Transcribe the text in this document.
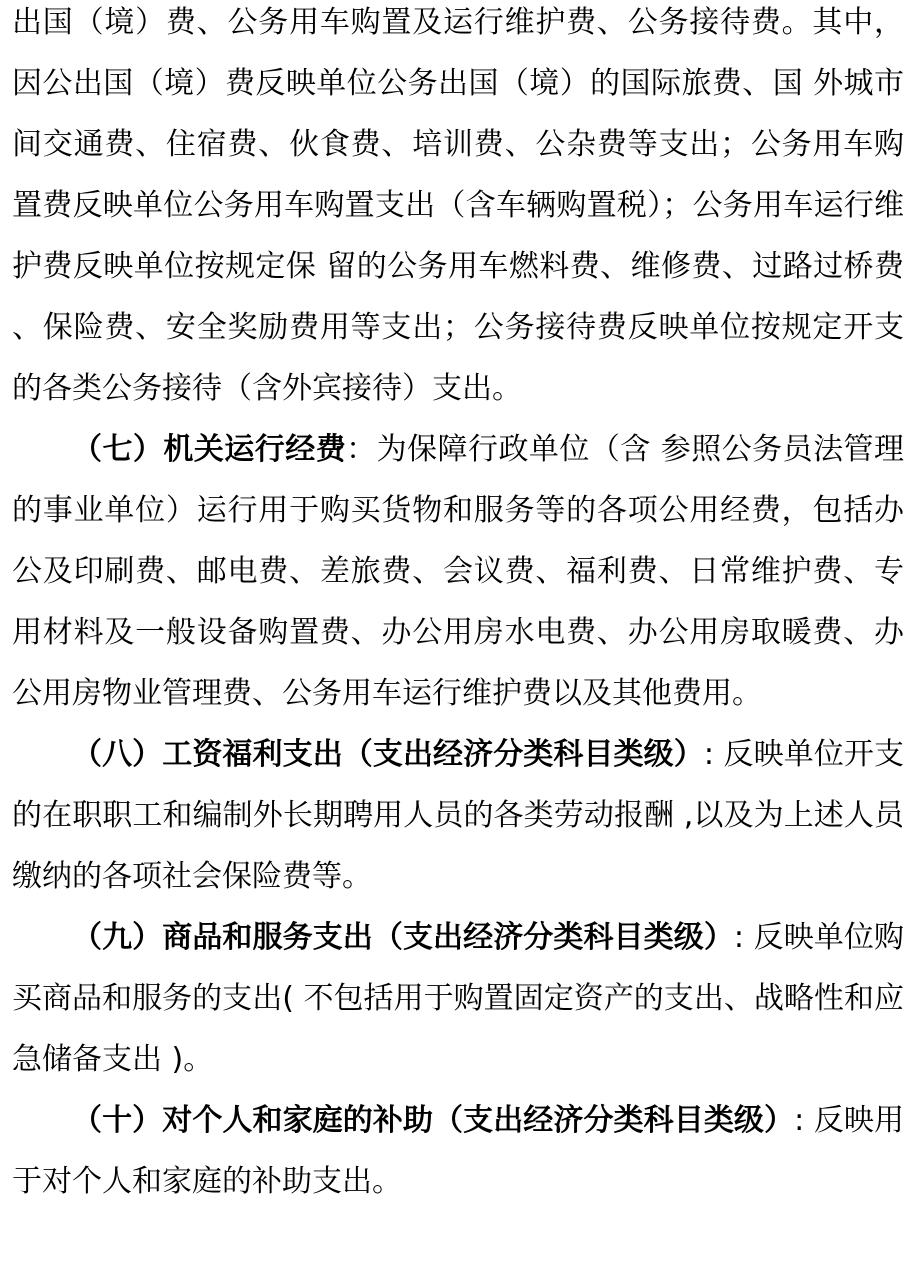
出国（境）费、公务用车购置及运行维护费、公务接待费。其中，因公出国（境）费反映单位公务出国（境）的国际旅费、国 外城市间交通费、住宿费、伙食费、培训费、公杂费等支出；公务用车购置费反映单位公务用车购置支出（含车辆购置税）；公务用车运行维护费反映单位按规定保 留的公务用车燃料费、维修费、过路过桥费、保险费、安全奖励费用等支出；公务接待费反映单位按规定开支的各类公务接待（含外宾接待）支出。

（七）机关运行经费：为保障行政单位（含 参照公务员法管理的事业单位）运行用于购买货物和服务等的各项公用经费，包括办公及印刷费、邮电费、差旅费、会议费、福利费、日常维护费、专用材料及一般设备购置费、办公用房水电费、办公用房取暖费、办公用房物业管理费、公务用车运行维护费以及其他费用。

（八）工资福利支出（支出经济分类科目类级）: 反映单位开支的在职职工和编制外长期聘用人员的各类劳动报酬 ,以及为上述人员缴纳的各项社会保险费等。

（九）商品和服务支出（支出经济分类科目类级）: 反映单位购买商品和服务的支出( 不包括用于购置固定资产的支出、战略性和应急储备支出 )。

（十）对个人和家庭的补助（支出经济分类科目类级）: 反映用于对个人和家庭的补助支出。
